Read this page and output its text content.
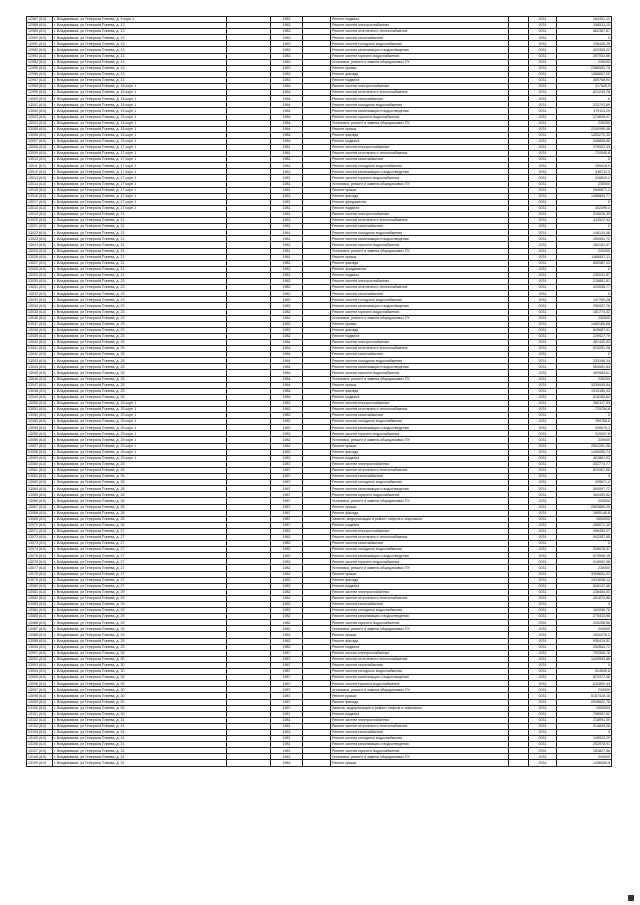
12987 (6.0)	г. Владикавказ, ул Генерала Плиева, д. 9 корп 1		1982		Ремонт подвала		2031	164451,12
12988 (6.0)	г. Владикавказ, ул Генерала Плиева, д. 13		1983		Ремонт систем электроснабжения		2031	348511,15
12989 (6.0)	г. Владикавказ, ул Генерала Плиева, д. 13		1983		Ремонт систем отопления и теплоснабжения		2031	662387,67
12990 (6.0)	г. Владикавказ, ул Генерала Плиева, д. 13		1983		Ремонт систем газоснабжения		2031	0
12991 (6.0)	г. Владикавказ, ул Генерала Плиева, д. 13		1983		Ремонт систем холодного водоснабжения		2031	238446,25
12992 (6.0)	г. Владикавказ, ул Генерала Плиева, д. 13		1983		Ремонт систем канализации и водоотведения		2031	402355,22
12993 (6.0)	г. Владикавказ, ул Генерала Плиева, д. 13		1983		Ремонт систем горячего водоснабжения		2031	297053,86
12994 (6.0)	г. Владикавказ, ул Генерала Плиева, д. 13		1983		Установка, ремонт и замена общедомовых ПУ		2031	230000
12995 (6.0)	г. Владикавказ, ул Генерала Плиева, д. 13		1983		Ремонт крыши		2031	2386563,75
12996 (6.0)	г. Владикавказ, ул Генерала Плиева, д. 13		1983		Ремонт фасада		2031	1368657,29
12997 (6.0)	г. Владикавказ, ул Генерала Плиева, д. 13		1983		Ремонт подвала		2031	369768,94
12998 (6.0)	г. Владикавказ, ул Генерала Плиева, д. 15 корп 1		1984		Ремонт систем электроснабжения		2031	317949,9
12999 (6.0)	г. Владикавказ, ул Генерала Плиева, д. 15 корп 1		1984		Ремонт систем отопления и теплоснабжения		2031	621243,76
13000 (6.0)	г. Владикавказ, ул Генерала Плиева, д. 15 корп 1		1984		Ремонт систем газоснабжения		2031	0
13001 (6.0)	г. Владикавказ, ул Генерала Плиева, д. 15 корп 1		1984		Ремонт систем холодного водоснабжения		2031	223703,89
13002 (6.0)	г. Владикавказ, ул Генерала Плиева, д. 15 корп 1		1984		Ремонт систем канализации и водоотведения		2031	379114,25
13003 (6.0)	г. Владикавказ, ул Генерала Плиева, д. 15 корп 1		1984		Ремонт систем горячего водоснабжения		2031	274698,07
13004 (6.0)	г. Владикавказ, ул Генерала Плиева, д. 15 корп 1		1984		Установка, ремонт и замена общедомовых ПУ		2031	230000
13005 (6.0)	г. Владикавказ, ул Генерала Плиева, д. 15 корп 1		1984		Ремонт крыши		2031	2240996,48
13006 (6.0)	г. Владикавказ, ул Генерала Плиева, д. 15 корп 1		1984		Ремонт фасада		2031	1283270,30
13007 (6.0)	г. Владикавказ, ул Генерала Плиева, д. 15 корп 1		1984		Ремонт подвала		2031	346808,86
13008 (6.0)	г. Владикавказ, ул Генерала Плиева, д. 17 корп 1		1981		Ремонт систем электроснабжения		2031	379903,33
13009 (6.0)	г. Владикавказ, ул Генерала Плиева, д. 17 корп 1		1981		Ремонт систем отопления и теплоснабжения		2031	720545,8
13010 (6.0)	г. Владикавказ, ул Генерала Плиева, д. 17 корп 1		1981		Ремонт систем газоснабжения		2031	0
13011 (6.0)	г. Владикавказ, ул Генерала Плиева, д. 17 корп 1		1981		Ремонт систем холодного водоснабжения		2031	259418,9
13012 (6.0)	г. Владикавказ, ул Генерала Плиева, д. 17 корп 1		1981		Ремонт систем канализации и водоотведения		2031	438711,3
13013 (6.0)	г. Владикавказ, ул Генерала Плиева, д. 17 корп 1		1981		Ремонт систем горячего водоснабжения		2031	318810,1
13014 (6.0)	г. Владикавказ, ул Генерала Плиева, д. 17 корп 1		1981		Установка, ремонт и замена общедомовых ПУ		2031	230000
13015 (6.0)	г. Владикавказ, ул Генерала Плиева, д. 17 корп 1		1981		Ремонт крыши		2031	2596671,4
13016 (6.0)	г. Владикавказ, ул Генерала Плиева, д. 17 корп 1		1981		Ремонт фасада		2031	1486894,77
13017 (6.0)	г. Владикавказ, ул Генерала Плиева, д. 17 корп 1		1981		Ремонт фундамента		2031	0
13018 (6.0)	г. Владикавказ, ул Генерала Плиева, д. 17 корп 1		1981		Ремонт подвала		2031	402299,4
13019 (6.0)	г. Владикавказ, ул Генерала Плиева, д. 21		1981		Ремонт систем электроснабжения		2031	216816,39
13020 (6.0)	г. Владикавказ, ул Генерала Плиева, д. 21		1981		Ремонт систем отопления и теплоснабжения		2031	411522,92
13021 (6.0)	г. Владикавказ, ул Генерала Плиева, д. 21		1981		Ремонт систем газоснабжения		2031	0
13022 (6.0)	г. Владикавказ, ул Генерала Плиева, д. 21		1981		Ремонт систем холодного водоснабжения		2031	148124,46
13023 (6.0)	г. Владикавказ, ул Генерала Плиева, д. 21		1981		Ремонт систем канализации и водоотведения		2031	250552,72
13024 (6.0)	г. Владикавказ, ул Генерала Плиева, д. 21		1981		Ремонт систем горячего водоснабжения		2031	182183,47
13025 (6.0)	г. Владикавказ, ул Генерала Плиева, д. 21		1981		Установка, ремонт и замена общедомовых ПУ		2031	230000
13026 (6.0)	г. Владикавказ, ул Генерала Плиева, д. 21		1981		Ремонт крыши		2031	1486657,11
13027 (6.0)	г. Владикавказ, ул Генерала Плиева, д. 21		1981		Ремонт фасада		2031	850987,13
13028 (6.0)	г. Владикавказ, ул Генерала Плиева, д. 21		1981		Ремонт фундамента		2031	0
13029 (6.0)	г. Владикавказ, ул Генерала Плиева, д. 21		1981		Ремонт подвала		2031	230041,87
13030 (6.0)	г. Владикавказ, ул Генерала Плиева, д. 23		1982		Ремонт систем электроснабжения		2031	216881,81
13031 (6.0)	г. Владикавказ, ул Генерала Плиева, д. 23		1982		Ремонт систем отопления и теплоснабжения		2031	410538,77
13032 (6.0)	г. Владикавказ, ул Генерала Плиева, д. 23		1982		Ремонт систем газоснабжения		2031	0
13033 (6.0)	г. Владикавказ, ул Генерала Плиева, д. 23		1982		Ремонт систем холодного водоснабжения		2031	147769,28
13034 (6.0)	г. Владикавказ, ул Генерала Плиева, д. 23		1982		Ремонт систем канализации и водоотведения		2031	250097,76
13035 (6.0)	г. Владикавказ, ул Генерала Плиева, д. 23		1982		Ремонт систем горячего водоснабжения		2031	181774,32
13036 (6.0)	г. Владикавказ, ул Генерала Плиева, д. 23		1982		Установка, ремонт и замена общедомовых ПУ		2031	230000
13037 (6.0)	г. Владикавказ, ул Генерала Плиева, д. 23		1982		Ремонт крыши		2031	1483165,66
13038 (6.0)	г. Владикавказ, ул Генерала Плиева, д. 23		1982		Ремонт фасада		2031	849687,41
13039 (6.0)	г. Владикавказ, ул Генерала Плиева, д. 23		1982		Ремонт подвала		2031	229527,79
13040 (6.0)	г. Владикавказ, ул Генерала Плиева, д. 25		1984		Ремонт систем электроснабжения		2031	487445,53
13041 (6.0)	г. Владикавказ, ул Генерала Плиева, д. 25		1984		Ремонт систем отопления и теплоснабжения		2031	923251,26
13042 (6.0)	г. Владикавказ, ул Генерала Плиева, д. 25		1984		Ремонт систем газоснабжения		2031	0
13043 (6.0)	г. Владикавказ, ул Генерала Плиева, д. 25		1984		Ремонт систем холодного водоснабжения		2031	333198,34
13044 (6.0)	г. Владикавказ, ул Генерала Плиева, д. 25		1984		Ремонт систем канализации и водоотведения		2031	563552,84
13045 (6.0)	г. Владикавказ, ул Генерала Плиева, д. 25		1984		Ремонт систем горячего водоснабжения		2031	409584,61
13046 (6.0)	г. Владикавказ, ул Генерала Плиева, д. 25		1984		Установка, ремонт и замена общедомовых ПУ		2031	230000
13047 (6.0)	г. Владикавказ, ул Генерала Плиева, д. 25		1984		Ремонт крыши		2031	3339949,84
13048 (6.0)	г. Владикавказ, ул Генерала Плиева, д. 25		1984		Ремонт фасада		2031	1910180,44
13049 (6.0)	г. Владикавказ, ул Генерала Плиева, д. 25		1984		Ремонт подвала		2031	516180,64
13050 (6.0)	г. Владикавказ, ул Генерала Плиева, д. 25 корп 1		1982		Ремонт систем электроснабжения		2031	380117,53
13051 (6.0)	г. Владикавказ, ул Генерала Плиева, д. 25 корп 1		1982		Ремонт систем отопления и теплоснабжения		2031	725754,8
13052 (6.0)	г. Владикавказ, ул Генерала Плиева, д. 25 корп 1		1982		Ремонт систем газоснабжения		2031	0
13053 (6.0)	г. Владикавказ, ул Генерала Плиева, д. 25 корп 1		1982		Ремонт систем холодного водоснабжения		2031	259785,5
13054 (6.0)	г. Владикавказ, ул Генерала Плиева, д. 25 корп 1		1982		Ремонт систем канализации и водоотведения		2031	439074,1
13055 (6.0)	г. Владикавказ, ул Генерала Плиева, д. 25 корп 1		1982		Ремонт систем горячего водоснабжения		2031	319097,8
13056 (6.0)	г. Владикавказ, ул Генерала Плиева, д. 25 корп 1		1982		Установка, ремонт и замена общедомовых ПУ		2031	230000
13057 (6.0)	г. Владикавказ, ул Генерала Плиева, д. 25 корп 1		1982		Ремонт крыши		2031	2602281,38
13058 (6.0)	г. Владикавказ, ул Генерала Плиева, д. 25 корп 1		1982		Ремонт фасада		2031	1490055,74
13059 (6.0)	г. Владикавказ, ул Генерала Плиева, д. 25 корп 1		1982		Ремонт подвала		2031	402861,93
13060 (6.0)	г. Владикавказ, ул Генерала Плиева, д. 26		1987		Ремонт систем электроснабжения		2031	432774,77
13061 (6.0)	г. Владикавказ, ул Генерала Плиева, д. 26		1987		Ремонт систем отопления и теплоснабжения		2031	819367,88
13062 (6.0)	г. Владикавказ, ул Генерала Плиева, д. 26		1987		Ремонт систем газоснабжения		2031	0
13063 (6.0)	г. Владикавказ, ул Генерала Плиева, д. 26		1987		Ремонт систем холодного водоснабжения		2031	295671,4
13064 (6.0)	г. Владикавказ, ул Генерала Плиева, д. 26		1987		Ремонт систем канализации и водоотведения		2031	500097,77
13065 (6.0)	г. Владикавказ, ул Генерала Плиева, д. 26		1987		Ремонт систем горячего водоснабжения		2031	363459,52
13066 (6.0)	г. Владикавказ, ул Генерала Плиева, д. 26		1987		Установка, ремонт и замена общедомовых ПУ		2031	230000
13067 (6.0)	г. Владикавказ, ул Генерала Плиева, д. 26		1987		Ремонт крыши		2031	2963869,25
13068 (6.0)	г. Владикавказ, ул Генерала Плиева, д. 26		1987		Ремонт фасада		2031	1695146,8
13069 (6.0)	г. Владикавказ, ул Генерала Плиева, д. 26		1987		Замена, модернизация и ремонт лифтов и лифтового		2031	1500000
13070 (6.0)	г. Владикавказ, ул Генерала Плиева, д. 26		1987		Ремонт подвала		2031	458071,39
13071 (6.0)	г. Владикавказ, ул Генерала Плиева, д. 27		1982		Ремонт систем электроснабжения		2031	496453,27
13072 (6.0)	г. Владикавказ, ул Генерала Плиева, д. 27		1982		Ремонт систем отопления и теплоснабжения		2031	942357,65
13073 (6.0)	г. Владикавказ, ул Генерала Плиева, д. 27		1982		Ремонт систем газоснабжения		2031	0
13074 (6.0)	г. Владикавказ, ул Генерала Плиева, д. 27		1982		Ремонт систем холодного водоснабжения		2031	339078,37
13075 (6.0)	г. Владикавказ, ул Генерала Плиева, д. 27		1982		Ремонт систем канализации и водоотведения		2031	573508,15
13076 (6.0)	г. Владикавказ, ул Генерала Плиева, д. 27		1982		Ремонт систем горячего водоснабжения		2031	416952,96
13077 (6.0)	г. Владикавказ, ул Генерала Плиева, д. 27		1982		Установка, ремонт и замена общедомовых ПУ		2031	230000
13078 (6.0)	г. Владикавказ, ул Генерала Плиева, д. 27		1982		Ремонт крыши		2031	3398653,93
13079 (6.0)	г. Владикавказ, ул Генерала Плиева, д. 27		1982		Ремонт фасада		2031	1943838,12
13080 (6.0)	г. Владикавказ, ул Генерала Плиева, д. 27		1982		Ремонт подвала		2031	526137,48
13081 (6.0)	г. Владикавказ, ул Генерала Плиева, д. 29		1982		Ремонт систем электроснабжения		2031	238463,03
13082 (6.0)	г. Владикавказ, ул Генерала Плиева, д. 29		1982		Ремонт систем отопления и теплоснабжения		2031	451670,86
13083 (6.0)	г. Владикавказ, ул Генерала Плиева, д. 29		1982		Ремонт систем газоснабжения		2031	0
13084 (6.0)	г. Владикавказ, ул Генерала Плиева, д. 29		1982		Ремонт систем холодного водоснабжения		2031	162836,76
13085 (6.0)	г. Владикавказ, ул Генерала Плиева, д. 29		1982		Ремонт систем канализации и водоотведения		2031	275410,96
13086 (6.0)	г. Владикавказ, ул Генерала Плиева, д. 29		1982		Ремонт систем горячего водоснабжения		2031	200258,56
13087 (6.0)	г. Владикавказ, ул Генерала Плиева, д. 29		1982		Установка, ремонт и замена общедомовых ПУ		2031	230000
13088 (6.0)	г. Владикавказ, ул Генерала Плиева, д. 29		1982		Ремонт крыши		2031	1630276,3
13089 (6.0)	г. Владикавказ, ул Генерала Плиева, д. 29		1982		Ремонт фасада		2031	935419,51
13090 (6.0)	г. Владикавказ, ул Генерала Плиева, д. 29		1982		Ремонт подвала		2031	252664,72
13091 (6.0)	г. Владикавказ, ул Генерала Плиева, д. 30		1987		Ремонт систем электроснабжения		2031	753265,78
13092 (6.0)	г. Владикавказ, ул Генерала Плиева, д. 30		1987		Ремонт систем отопления и теплоснабжения		2031	1429993,88
13093 (6.0)	г. Владикавказ, ул Генерала Плиева, д. 30		1987		Ремонт систем газоснабжения		2031	0
13094 (6.0)	г. Владикавказ, ул Генерала Плиева, д. 30		1987		Ремонт систем холодного водоснабжения		2031	514590,6
13095 (6.0)	г. Владикавказ, ул Генерала Плиева, д. 30		1987		Ремонт систем канализации и водоотведения		2031	870377,48
13096 (6.0)	г. Владикавказ, ул Генерала Плиева, д. 30		1987		Ремонт систем горячего водоснабжения		2031	632852,44
13097 (6.0)	г. Владикавказ, ул Генерала Плиева, д. 30		1987		Установка, ремонт и замена общедомовых ПУ		2031	230000
13098 (6.0)	г. Владикавказ, ул Генерала Плиева, д. 30		1987		Ремонт крыши		2031	5157328,18
13099 (6.0)	г. Владикавказ, ул Генерала Плиева, д. 30		1987		Ремонт фасада		2031	2949822,78
13100 (6.0)	г. Владикавказ, ул Генерала Плиева, д. 30		1987		Замена, модернизация и ремонт лифтов и лифтового		2031	1500000
13101 (6.0)	г. Владикавказ, ул Генерала Плиева, д. 30		1987		Ремонт подвала		2031	798557,62
13102 (6.0)	г. Владикавказ, ул Генерала Плиева, д. 31		1981		Ремонт систем электроснабжения		2031	218991,09
13103 (6.0)	г. Владикавказ, ул Генерала Плиева, д. 31		1981		Ремонт систем отопления и теплоснабжения		2031	414849,08
13104 (6.0)	г. Владикавказ, ул Генерала Плиева, д. 31		1981		Ремонт систем газоснабжения		2031	0
13105 (6.0)	г. Владикавказ, ул Генерала Плиева, д. 31		1981		Ремонт систем холодного водоснабжения		2031	149523,29
13106 (6.0)	г. Владикавказ, ул Генерала Плиева, д. 31		1981		Ремонт систем канализации и водоотведения		2031	252978,91
13107 (6.0)	г. Владикавказ, ул Генерала Плиева, д. 31		1981		Ремонт систем горячего водоснабжения		2031	183827,56
13108 (6.0)	г. Владикавказ, ул Генерала Плиева, д. 31		1981		Установка, ремонт и замена общедомовых ПУ		2031	230000
13109 (6.0)	г. Владикавказ, ул Генерала Плиева, д. 31		1981		Ремонт крыши		2031	1496069,9
